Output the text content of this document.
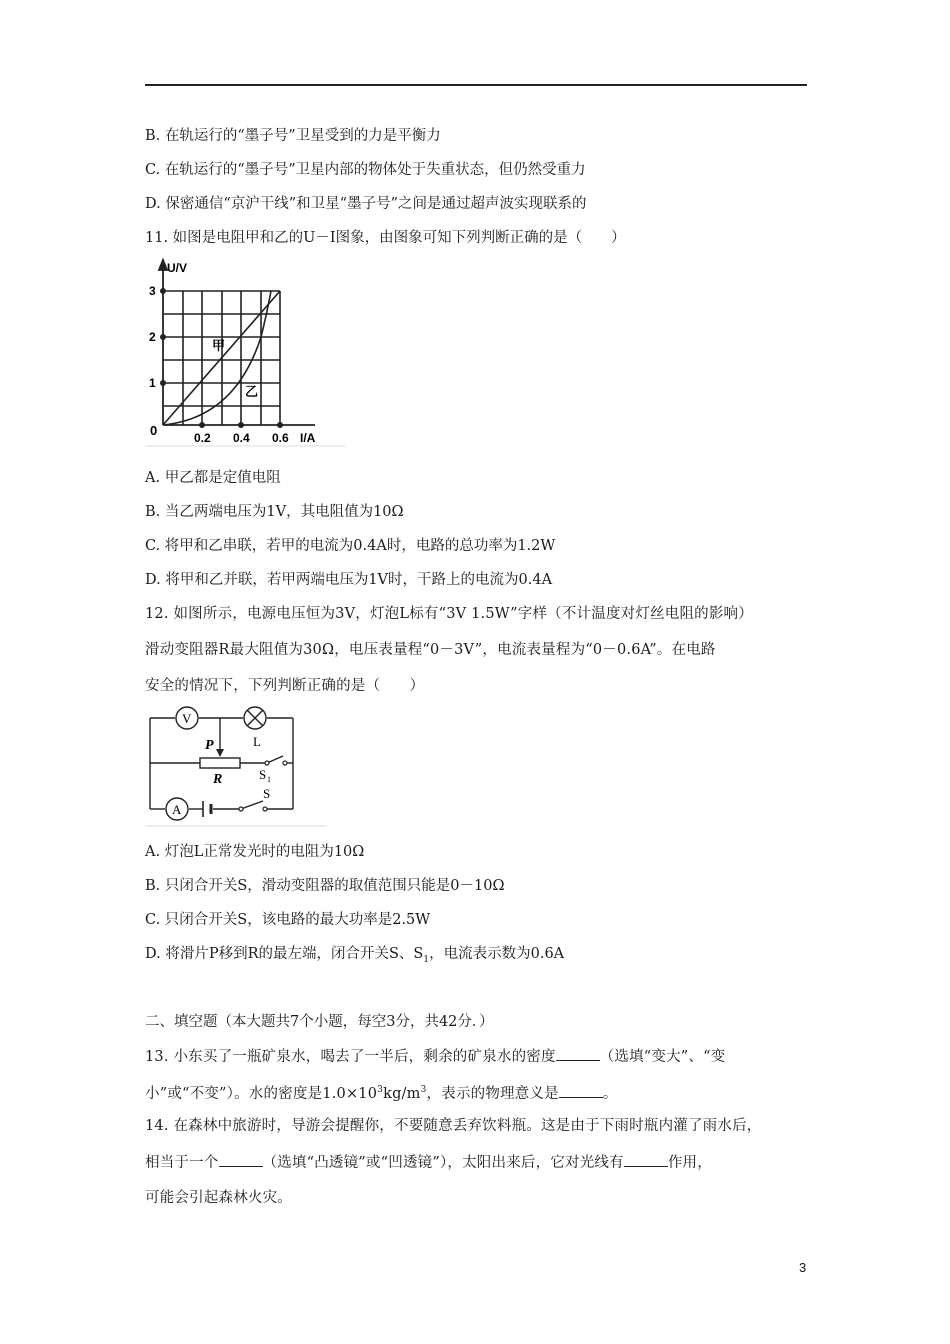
B. 在轨运行的“墨子号”卫星受到的力是平衡力
C. 在轨运行的“墨子号”卫星内部的物体处于失重状态，但仍然受重力
D. 保密通信“京沪干线”和卫星“墨子号”之间是通过超声波实现联系的
11. 如图是电阻甲和乙的U－I图象，由图象可知下列判断正确的是（　　）
U/V
3
2
1
0	0.2 0.4 0.6 I/A
甲
乙
A. 甲乙都是定值电阻
B. 当乙两端电压为1V，其电阻值为10Ω
C. 将甲和乙串联，若甲的电流为0.4A时，电路的总功率为1.2W
D. 将甲和乙并联，若甲两端电压为1V时，干路上的电流为0.4A
12. 如图所示，电源电压恒为3V，灯泡L标有“3V 1.5W”字样（不计温度对灯丝电阻的影响）
滑动变阻器R最大阻值为30Ω，电压表量程“0－3V”，电流表量程为“0－0.6A”。在电路
安全的情况下，下列判断正确的是（　　）
V
L
A
P
R	S 1
S
A. 灯泡L正常发光时的电阻为10Ω
B. 只闭合开关S，滑动变阻器的取值范围只能是0－10Ω
C. 只闭合开关S，该电路的最大功率是2.5W
D. 将滑片P移到R的最左端，闭合开关S、$S_1$，电流表示数为0.6A
二、填空题（本大题共7个小题，每空3分，共42分．）
13. 小东买了一瓶矿泉水，喝去了一半后，剩余的矿泉水的密度	（选填“变大”、“变
小”或“不变”）。水的密度是$1.0\times 10^3kg/m^3$，表示的物理意义是	。
14. 在森林中旅游时，导游会提醒你，不要随意丢弃饮料瓶。这是由于下雨时瓶内灌了雨水后，
相当于一个	（选填“凸透镜”或“凹透镜”），太阳出来后，它对光线有	作用，
可能会引起森林火灾。
3
